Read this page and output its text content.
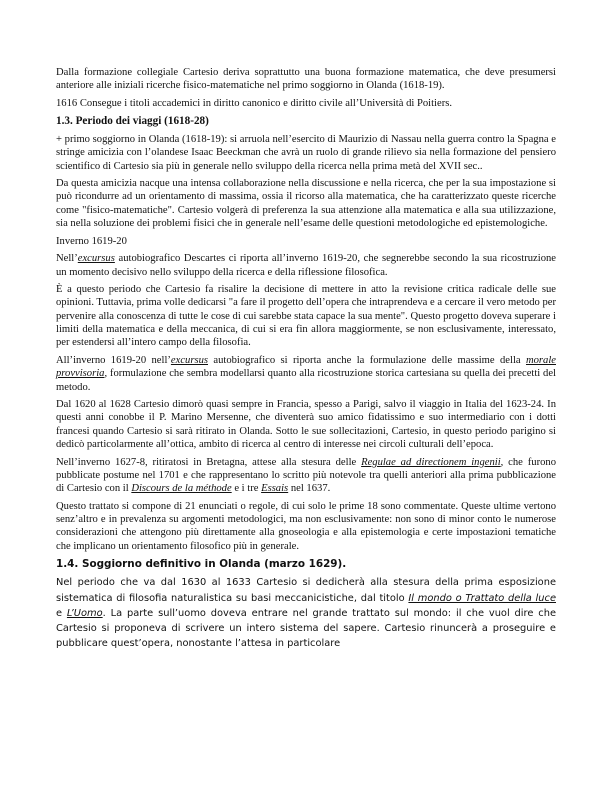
Dalla formazione collegiale Cartesio deriva soprattutto una buona formazione matematica, che deve presumersi anteriore alle iniziali ricerche fisico-matematiche nel primo soggiorno in Olanda (1618-19).

1616 Consegue i titoli accademici in diritto canonico e diritto civile all’Università di Poitiers.

1.3. Periodo dei viaggi (1618-28)

+ primo soggiorno in Olanda (1618-19): si arruola nell’esercito di Maurizio di Nassau nella guerra contro la Spagna e stringe amicizia con l’olandese Isaac Beeckman che avrà un ruolo di grande rilievo sia nella formazione del pensiero scientifico di Cartesio sia più in generale nello sviluppo della ricerca nella prima metà del XVII sec..

Da questa amicizia nacque una intensa collaborazione nella discussione e nella ricerca, che per la sua impostazione si può ricondurre ad un orientamento di massima, ossia il ricorso alla matematica, che ha caratterizzato queste ricerche come "fisico-matematiche". Cartesio volgerà di preferenza la sua attenzione alla matematica e alla sua utilizzazione, sia nella soluzione dei problemi fisici che in generale nell’esame delle questioni metodologiche ed epistemologiche.

Inverno 1619-20

Nell’excursus autobiografico Descartes ci riporta all’inverno 1619-20, che segnerebbe secondo la sua ricostruzione un momento decisivo nello sviluppo della ricerca e della riflessione filosofica.

È a questo periodo che Cartesio fa risalire la decisione di mettere in atto la revisione critica radicale delle sue opinioni. Tuttavia, prima volle dedicarsi "a fare il progetto dell’opera che intraprendeva e a cercare il vero metodo per pervenire alla conoscenza di tutte le cose di cui sarebbe stata capace la sua mente". Questo progetto doveva superare i limiti della matematica e della meccanica, di cui si era fin allora maggiormente, se non esclusivamente, interessato, per estendersi all’intero campo della filosofia.

All’inverno 1619-20 nell’excursus autobiografico si riporta anche la formulazione delle massime della morale provvisoria, formulazione che sembra modellarsi quanto alla ricostruzione storica cartesiana su quella dei precetti del metodo.

Dal 1620 al 1628 Cartesio dimorò quasi sempre in Francia, spesso a Parigi, salvo il viaggio in Italia del 1623-24. In questi anni conobbe il P. Marino Mersenne, che diventerà suo amico fidatissimo e suo intermediario con i dotti francesi quando Cartesio si sarà ritirato in Olanda. Sotto le sue sollecitazioni, Cartesio, in questo periodo parigino si dedicò particolarmente all’ottica, ambito di ricerca al centro di interesse nei circoli culturali dell’epoca.

Nell’inverno 1627-8, ritiratosi in Bretagna, attese alla stesura delle Regulae ad directionem ingenii, che furono pubblicate postume nel 1701 e che rappresentano lo scritto più notevole tra quelli anteriori alla prima pubblicazione di Cartesio con il Discours de la méthode e i tre Essais nel 1637.

Questo trattato si compone di 21 enunciati o regole, di cui solo le prime 18 sono commentate. Queste ultime vertono senz’altro e in prevalenza su argomenti metodologici, ma non esclusivamente: non sono di minor conto le numerose considerazioni che attengono più direttamente alla gnoseologia e alla epistemologia e certe impostazioni tematiche che implicano un orientamento filosofico più in generale.

1.4. Soggiorno definitivo in Olanda (marzo 1629).

Nel periodo che va dal 1630 al 1633 Cartesio si dedicherà alla stesura della prima esposizione sistematica di filosofia naturalistica su basi meccanicistiche, dal titolo Il mondo o Trattato della luce e L’Uomo. La parte sull’uomo doveva entrare nel grande trattato sul mondo: il che vuol dire che Cartesio si proponeva di scrivere un intero sistema del sapere. Cartesio rinuncerà a proseguire e pubblicare quest’opera, nonostante l’attesa in particolare
